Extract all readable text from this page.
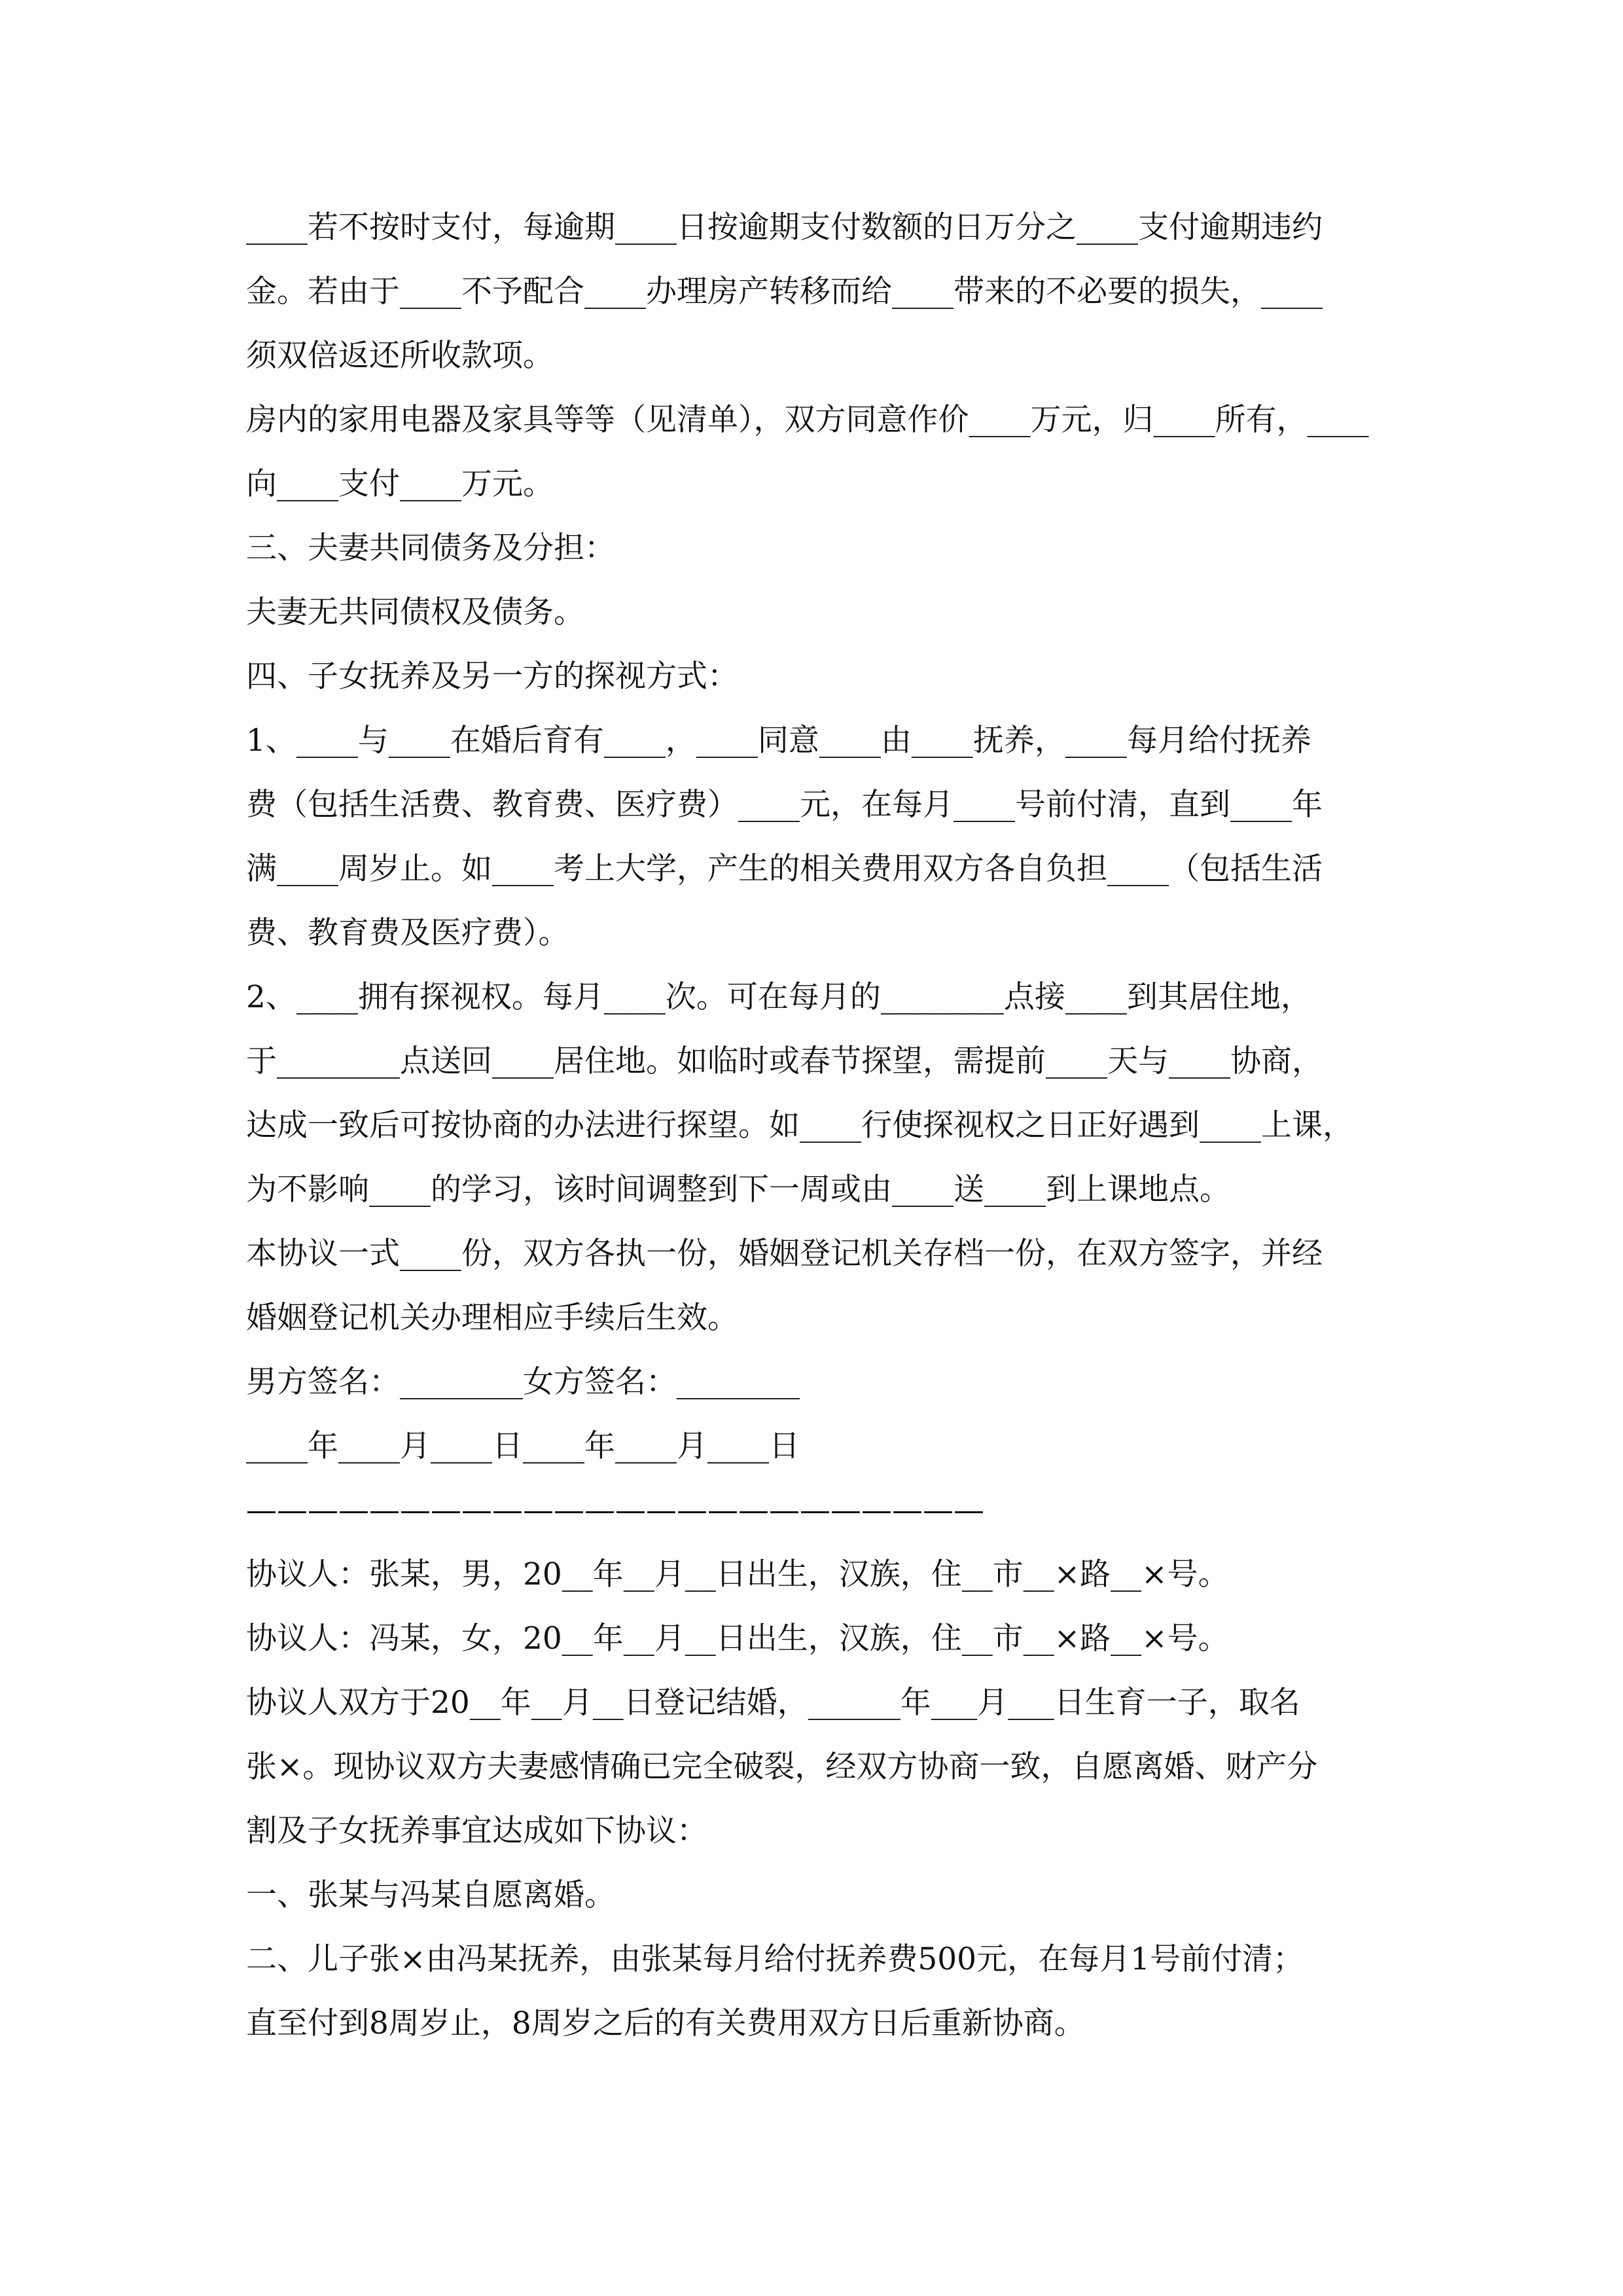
____若不按时支付，每逾期____日按逾期支付数额的日万分之____支付逾期违约
金。若由于____不予配合____办理房产转移而给____带来的不必要的损失，____
须双倍返还所收款项。
房内的家用电器及家具等等（见清单），双方同意作价____万元，归____所有，____
向____支付____万元。
三、夫妻共同债务及分担：
夫妻无共同债权及债务。
四、子女抚养及另一方的探视方式：
1、____与____在婚后育有____，____同意____由____抚养，____每月给付抚养
费（包括生活费、教育费、医疗费）____元，在每月____号前付清，直到____年
满____周岁止。如____考上大学，产生的相关费用双方各自负担____（包括生活
费、教育费及医疗费）。
2、____拥有探视权。每月____次。可在每月的________点接____到其居住地，
于________点送回____居住地。如临时或春节探望，需提前____天与____协商，
达成一致后可按协商的办法进行探望。如____行使探视权之日正好遇到____上课，
为不影响____的学习，该时间调整到下一周或由____送____到上课地点。
本协议一式____份，双方各执一份，婚姻登记机关存档一份，在双方签字，并经
婚姻登记机关办理相应手续后生效。
男方签名：________女方签名：________
____年____月____日____年____月____日
————————————————————————
协议人：张某，男，20__年__月__日出生，汉族，住__市__×路__×号。
协议人：冯某，女，20__年__月__日出生，汉族，住__市__×路__×号。
协议人双方于20__年__月__日登记结婚，______年___月___日生育一子，取名
张×。现协议双方夫妻感情确已完全破裂，经双方协商一致，自愿离婚、财产分
割及子女抚养事宜达成如下协议：
一、张某与冯某自愿离婚。
二、儿子张×由冯某抚养，由张某每月给付抚养费500元，在每月1号前付清；
直至付到8周岁止，8周岁之后的有关费用双方日后重新协商。
